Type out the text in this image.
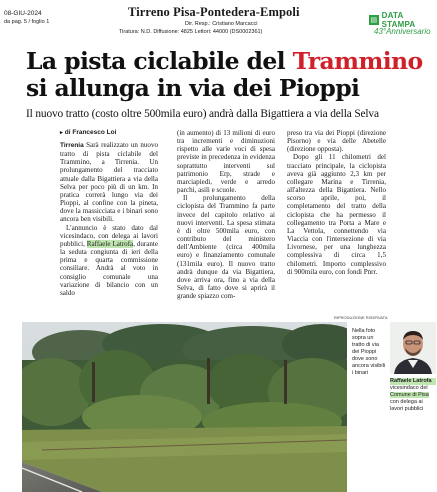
08-GIU-2024
da pag. 5 / foglio 1
Tirreno Pisa-Pontedera-Empoli
Dir. Resp.: Cristiano Marcacci
Tiratura: N.D. Diffusione: 4825 Lettori: 44000 (DS0002361)
▤ DATA STAMPA
43°Anniversario
La pista ciclabile del Trammino
si allunga in via dei Pioppi
Il nuovo tratto (costo oltre 500mila euro) andrà dalla Bigattiera a via della Selva
▸ di Francesco Loi

Tirrenia Sarà realizzato un nuovo tratto di pista ciclabile del Trammino, a Tirrenia. Un prolungamento del tracciato attuale dalla Bigattiera a via della Selva per poco più di un km. In pratica correrà lungo via dei Pioppi, al confine con la pineta, dove la massicciata e i binari sono ancora ben visibili.

L'annuncio è stato dato dal vicesindaco, con delega ai lavori pubblici, Raffaele Latrofa, durante la seduta congiunta di ieri della prima e quarta commissione consiliare. Andrà al voto in consiglio comunale una variazione di bilancio con un saldo

(in aumento) di 13 milioni di euro tra incrementi e diminuzioni rispetto alle varie voci di spesa previste in precedenza in evidenza soprattutto interventi sul patrimonio Erp, strade e marciapiedi, verde e arredo parchi, asili e scuole.

Il prolungamento della ciclopista del Trammino fa parte invece del capitolo relativo ai nuovi interventi. La spesa stimata è di oltre 500mila euro, con contributo del ministero dell'Ambiente (circa 400mila euro) e finanziamento comunale (131mila euro). Il nuovo tratto andrà dunque da via Bigattiera, dove arriva ora, fino a via della Selva, di fatto dove si aprirà il grande spiazzo com-

preso tra via dei Pioppi (direzione Pisorno) e via delle Abetelle (direzione opposta).

Dopo gli 11 chilometri del tracciato principale, la ciclopista aveva già aggiunto 2,3 km per collegare Marina e Tirrenia, all'altezza della Bigattiera. Nello scorso aprile, poi, il completamento del tratto della ciclopista che ha permesso il collegamento tra Porta a Mare e La Vettola, connettendo via Viaccia con l'intersezione di via Livornese, per una lunghezza complessiva di circa 1,5 chilometri. Importo complessivo di 900mila euro, con fondi Pnrr.

RIPRODUZIONE RISERVATA
Nella foto sopra un tratto di via dei Pioppi dove sono ancora visibili i binari
Raffaele Latrofa
vicesindaco del Comune di Pisa con delega ai lavori pubblici
